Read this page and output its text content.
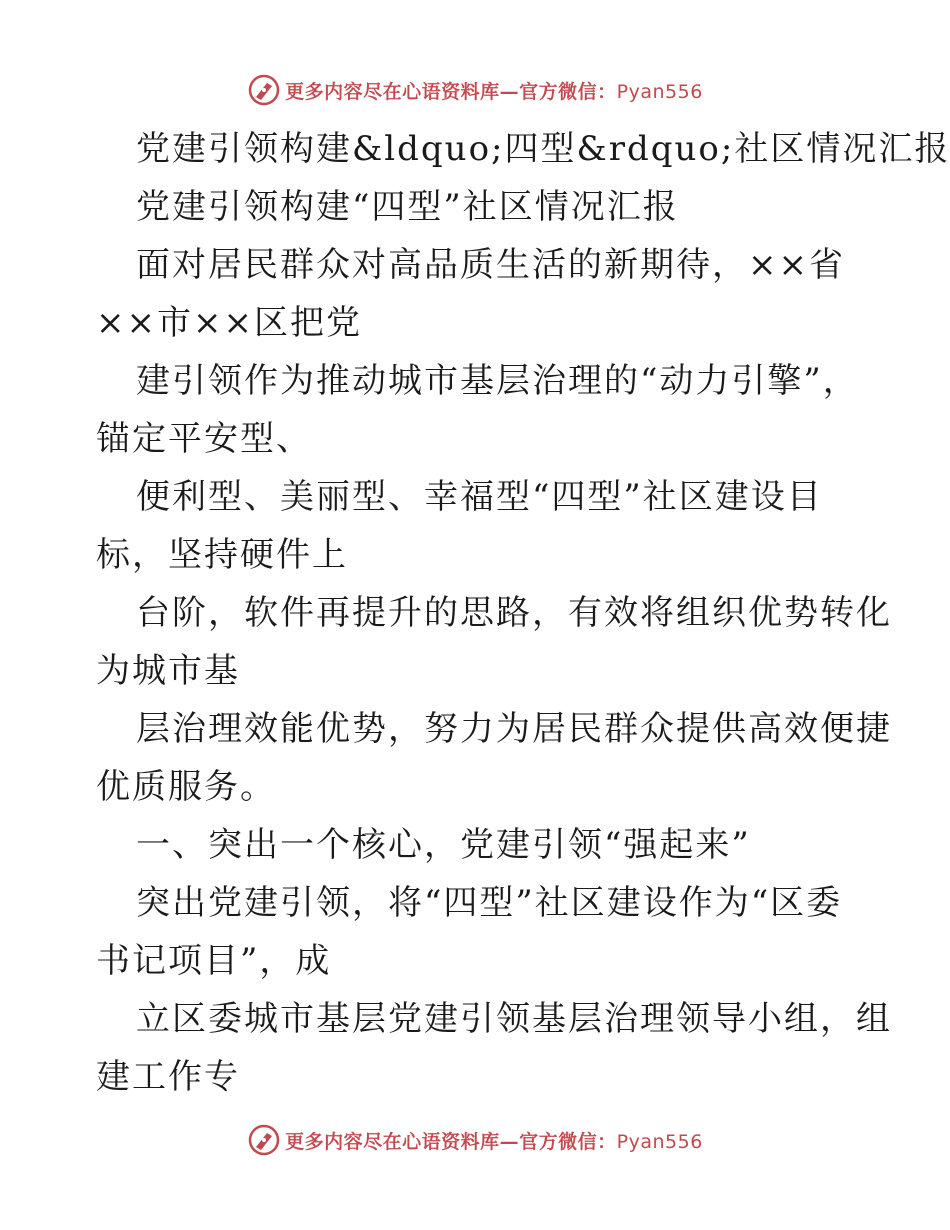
更多内容尽在心语资料库—官方微信：Pyan556
党建引领构建&ldquo;四型&rdquo;社区情况汇报
党建引领构建“四型”社区情况汇报
面对居民群众对高品质生活的新期待，××省
××市××区把党
建引领作为推动城市基层治理的“动力引擎”，
锚定平安型、
便利型、美丽型、幸福型“四型”社区建设目
标，坚持硬件上
台阶，软件再提升的思路，有效将组织优势转化
为城市基
层治理效能优势，努力为居民群众提供高效便捷
优质服务。
一、突出一个核心，党建引领“强起来”
突出党建引领，将“四型”社区建设作为“区委
书记项目”，成
立区委城市基层党建引领基层治理领导小组，组
建工作专
更多内容尽在心语资料库—官方微信：Pyan556
